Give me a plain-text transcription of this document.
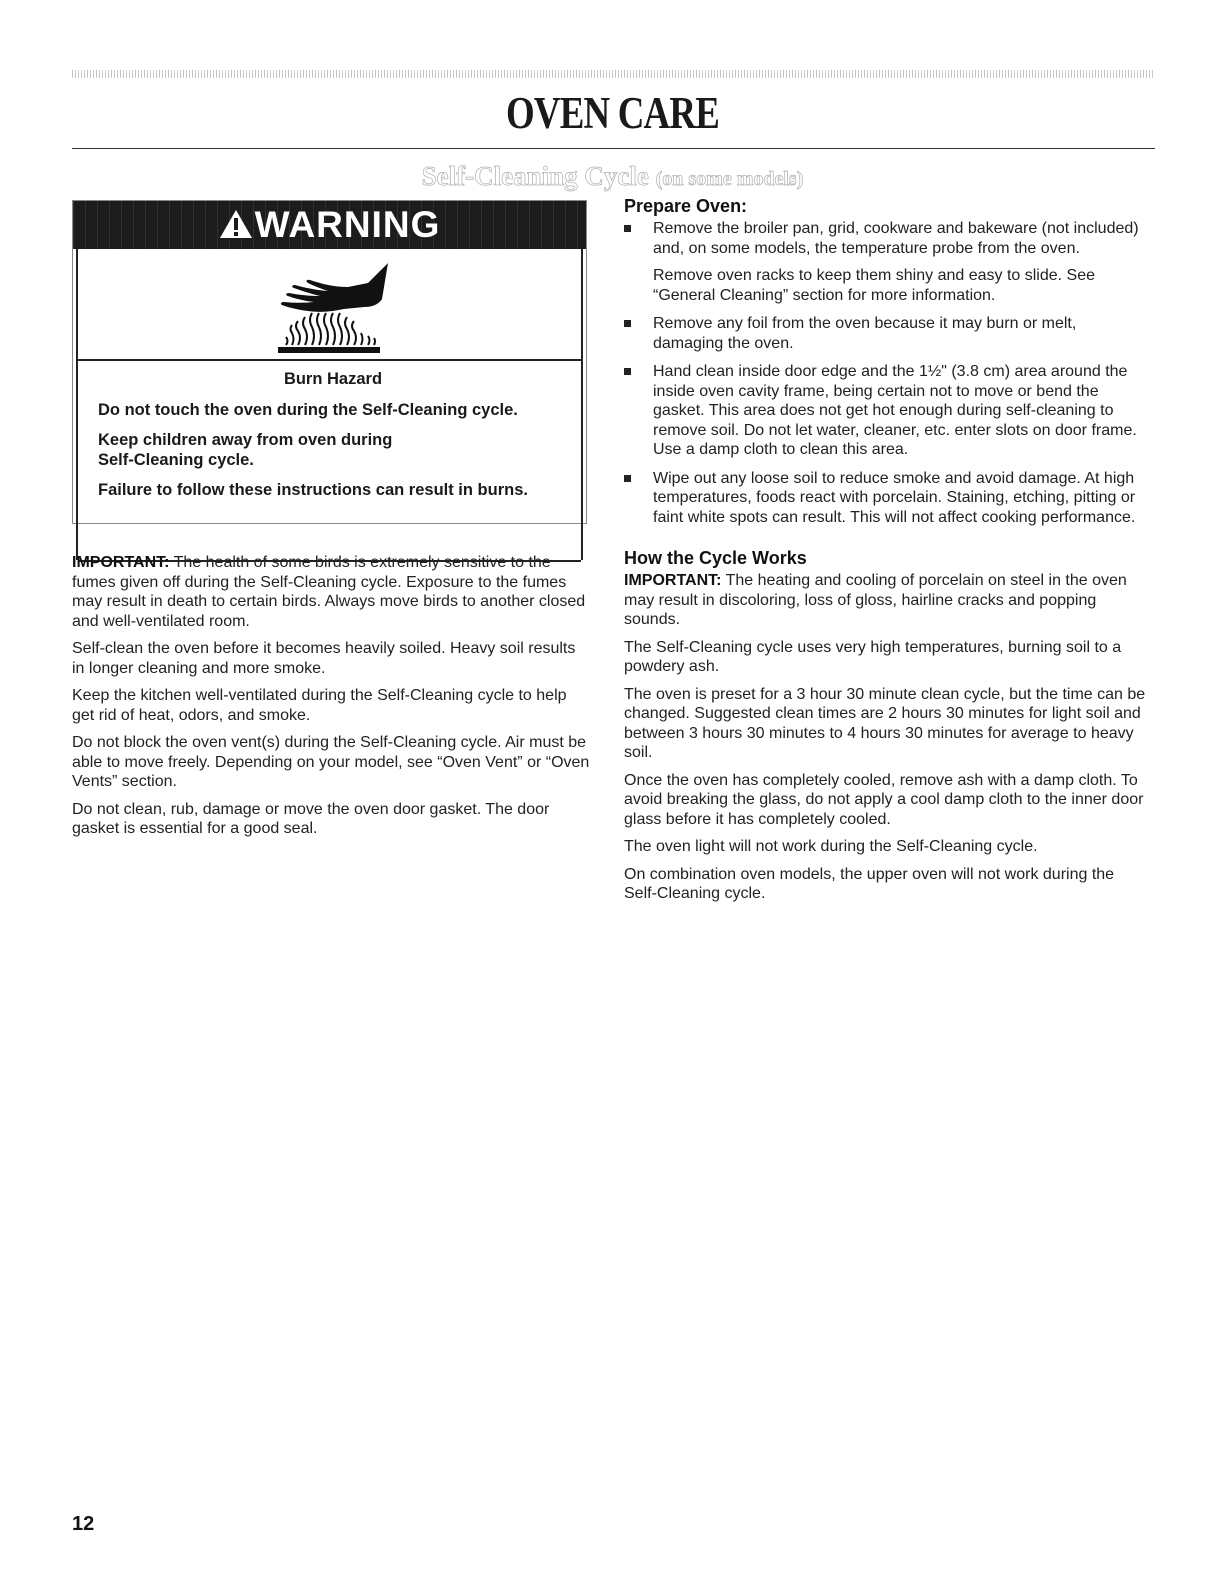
OVEN CARE
Self-Cleaning Cycle (on some models)
WARNING

Burn Hazard

Do not touch the oven during the Self-Cleaning cycle.

Keep children away from oven during Self-Cleaning cycle.

Failure to follow these instructions can result in burns.

IMPORTANT: The health of some birds is extremely sensitive to the fumes given off during the Self-Cleaning cycle. Exposure to the fumes may result in death to certain birds. Always move birds to another closed and well-ventilated room.

Self-clean the oven before it becomes heavily soiled. Heavy soil results in longer cleaning and more smoke.

Keep the kitchen well-ventilated during the Self-Cleaning cycle to help get rid of heat, odors, and smoke.

Do not block the oven vent(s) during the Self-Cleaning cycle. Air must be able to move freely. Depending on your model, see “Oven Vent” or “Oven Vents” section.

Do not clean, rub, damage or move the oven door gasket. The door gasket is essential for a good seal.

Prepare Oven:

Remove the broiler pan, grid, cookware and bakeware (not included) and, on some models, the temperature probe from the oven.

Remove oven racks to keep them shiny and easy to slide. See “General Cleaning” section for more information.

Remove any foil from the oven because it may burn or melt, damaging the oven.

Hand clean inside door edge and the 1½" (3.8 cm) area around the inside oven cavity frame, being certain not to move or bend the gasket. This area does not get hot enough during self-cleaning to remove soil. Do not let water, cleaner, etc. enter slots on door frame. Use a damp cloth to clean this area.

Wipe out any loose soil to reduce smoke and avoid damage. At high temperatures, foods react with porcelain. Staining, etching, pitting or faint white spots can result. This will not affect cooking performance.

How the Cycle Works

IMPORTANT: The heating and cooling of porcelain on steel in the oven may result in discoloring, loss of gloss, hairline cracks and popping sounds.

The Self-Cleaning cycle uses very high temperatures, burning soil to a powdery ash.

The oven is preset for a 3 hour 30 minute clean cycle, but the time can be changed. Suggested clean times are 2 hours 30 minutes for light soil and between 3 hours 30 minutes to 4 hours 30 minutes for average to heavy soil.

Once the oven has completely cooled, remove ash with a damp cloth. To avoid breaking the glass, do not apply a cool damp cloth to the inner door glass before it has completely cooled.

The oven light will not work during the Self-Cleaning cycle.

On combination oven models, the upper oven will not work during the Self-Cleaning cycle.

12
